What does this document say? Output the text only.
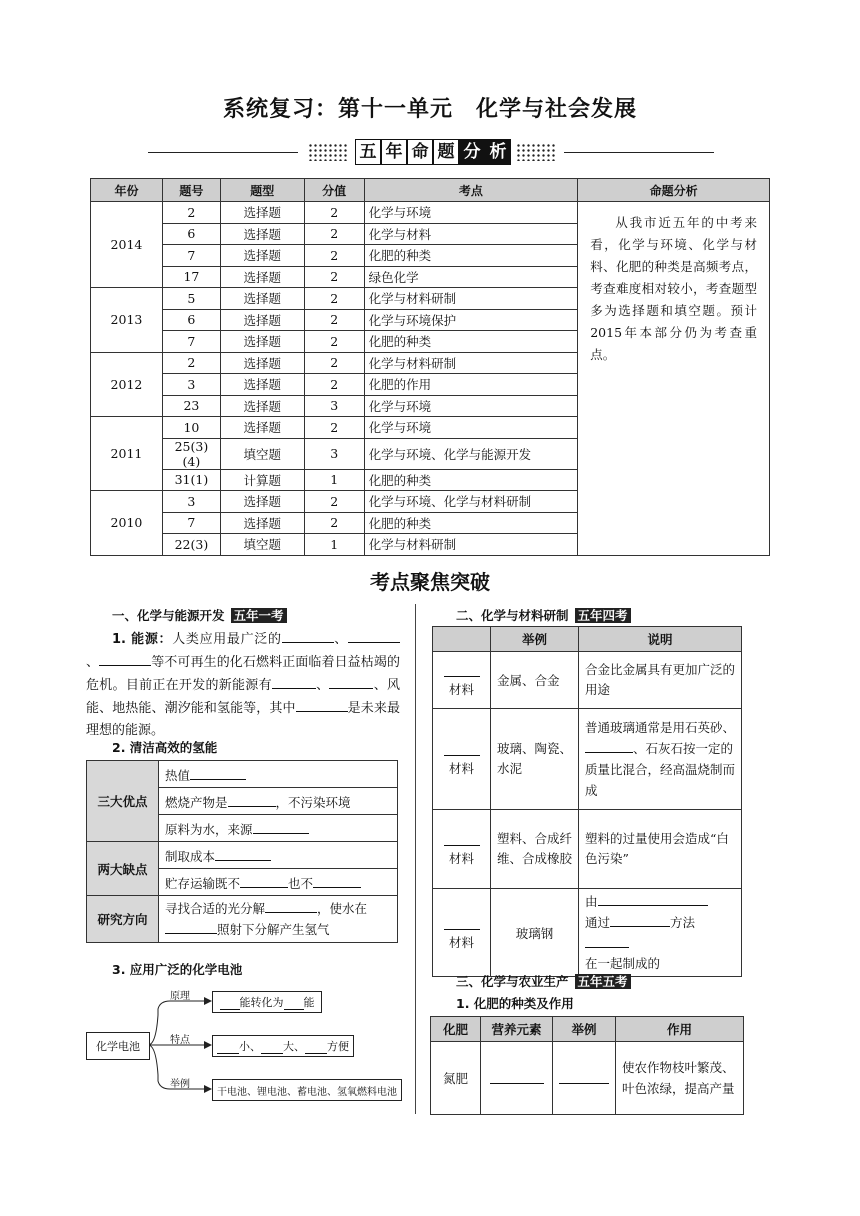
系统复习：第十一单元　化学与社会发展
五 年 命 题 分 析
年份	题号	题型	分值	考点	命题分析
2014	2	选择题	2	化学与环境	从我市近五年的中考来看，化学与环境、化学与材料、化肥的种类是高频考点，考查难度相对较小，考查题型多为选择题和填空题。预计2015年本部分仍为考查重点。
	6	选择题	2	化学与材料	
	7	选择题	2	化肥的种类	
	17	选择题	2	绿色化学	
2013	5	选择题	2	化学与材料研制	
	6	选择题	2	化学与环境保护	
	7	选择题	2	化肥的种类	
2012	2	选择题	2	化学与材料研制	
	3	选择题	2	化肥的作用	
	23	选择题	3	化学与环境	
2011	10	选择题	2	化学与环境	
	25(3)(4)	填空题	3	化学与环境、化学与能源开发	
	31(1)	计算题	1	化肥的种类	
2010	3	选择题	2	化学与环境、化学与材料研制	
	7	选择题	2	化肥的种类	
	22(3)	填空题	1	化学与材料研制	
考点聚焦突破
一、化学与能源开发 五年一考
1. 能源：人类应用最广泛的	、、	等不可再生的化石燃料正面临着日益枯竭的危机。目前正在开发的新能源有	、	、风能、地热能、潮汐能和氢能等，其中	是未来最理想的能源。
2. 清洁高效的氢能
三大优点	热值
	燃烧产物是 ，不污染环境
	原料为水，来源
两大缺点	制取成本
	贮存运输既不 也不
研究方向	寻找合适的光分解 ，使水在
照射下分解产生氢气
3. 应用广泛的化学电池
化学电池
原理
特点
举例
能转化为 能
小、 大、 方便
干电池、锂电池、蓄电池、氢氧燃料电池
二、化学与材料研制 五年四考
	举例	说明

材料	金属、合金	合金比金属具有更加广泛的用途

材料	玻璃、陶瓷、水泥	普通玻璃通常是用石英砂、、石灰石按一定的质量比混合，经高温烧制而成

材料	塑料、合成纤维、合成橡胶	塑料的过量使用会造成“白色污染”

材料	玻璃钢	由
通过 方法
在一起制成的
三、化学与农业生产 五年五考
1. 化肥的种类及作用
化肥	营养元素	举例	作用
氮肥			使农作物枝叶繁茂、叶色浓绿，提高产量
